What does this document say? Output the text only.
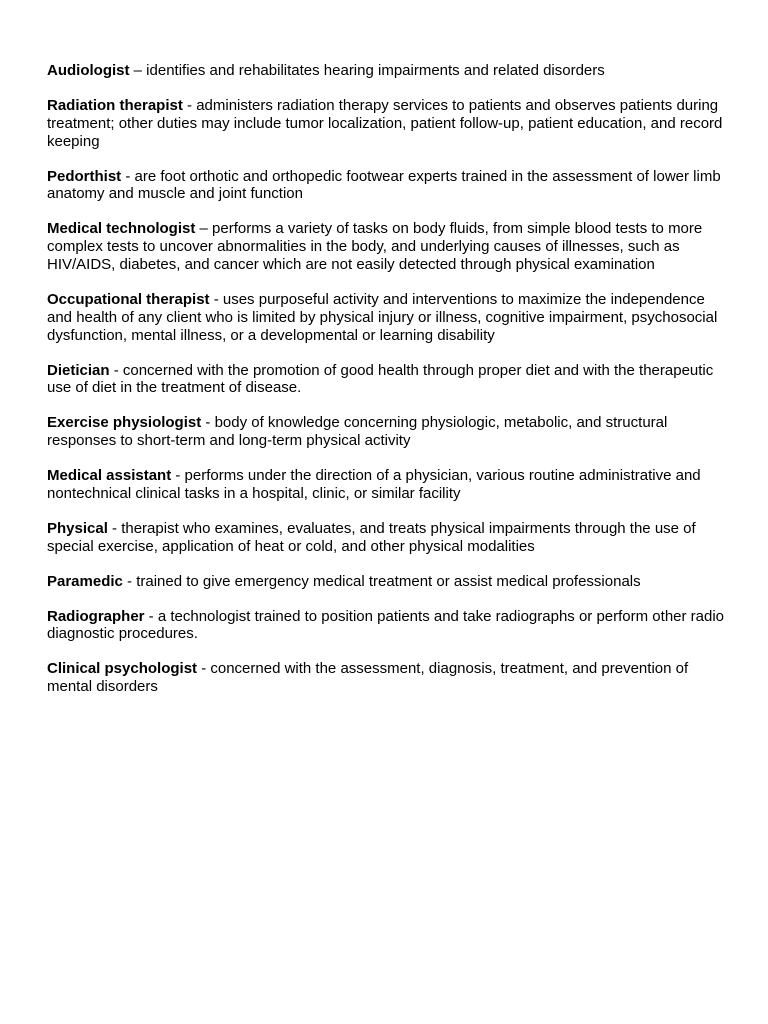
Audiologist – identifies and rehabilitates hearing impairments and related disorders

Radiation therapist - administers radiation therapy services to patients and observes patients during treatment; other duties may include tumor localization, patient follow-up, patient education, and record keeping

Pedorthist - are foot orthotic and orthopedic footwear experts trained in the assessment of lower limb anatomy and muscle and joint function

Medical technologist – performs a variety of tasks on body fluids, from simple blood tests to more complex tests to uncover abnormalities in the body, and underlying causes of illnesses, such as HIV/AIDS, diabetes, and cancer which are not easily detected through physical examination

Occupational therapist - uses purposeful activity and interventions to maximize the independence and health of any client who is limited by physical injury or illness, cognitive impairment, psychosocial dysfunction, mental illness, or a developmental or learning disability

Dietician - concerned with the promotion of good health through proper diet and with the therapeutic use of diet in the treatment of disease.

Exercise physiologist - body of knowledge concerning physiologic, metabolic, and structural responses to short-term and long-term physical activity

Medical assistant - performs under the direction of a physician, various routine administrative and nontechnical clinical tasks in a hospital, clinic, or similar facility

Physical - therapist who examines, evaluates, and treats physical impairments through the use of special exercise, application of heat or cold, and other physical modalities

Paramedic - trained to give emergency medical treatment or assist medical professionals

Radiographer - a technologist trained to position patients and take radiographs or perform other radio diagnostic procedures.

Clinical psychologist - concerned with the assessment, diagnosis, treatment, and prevention of mental disorders
